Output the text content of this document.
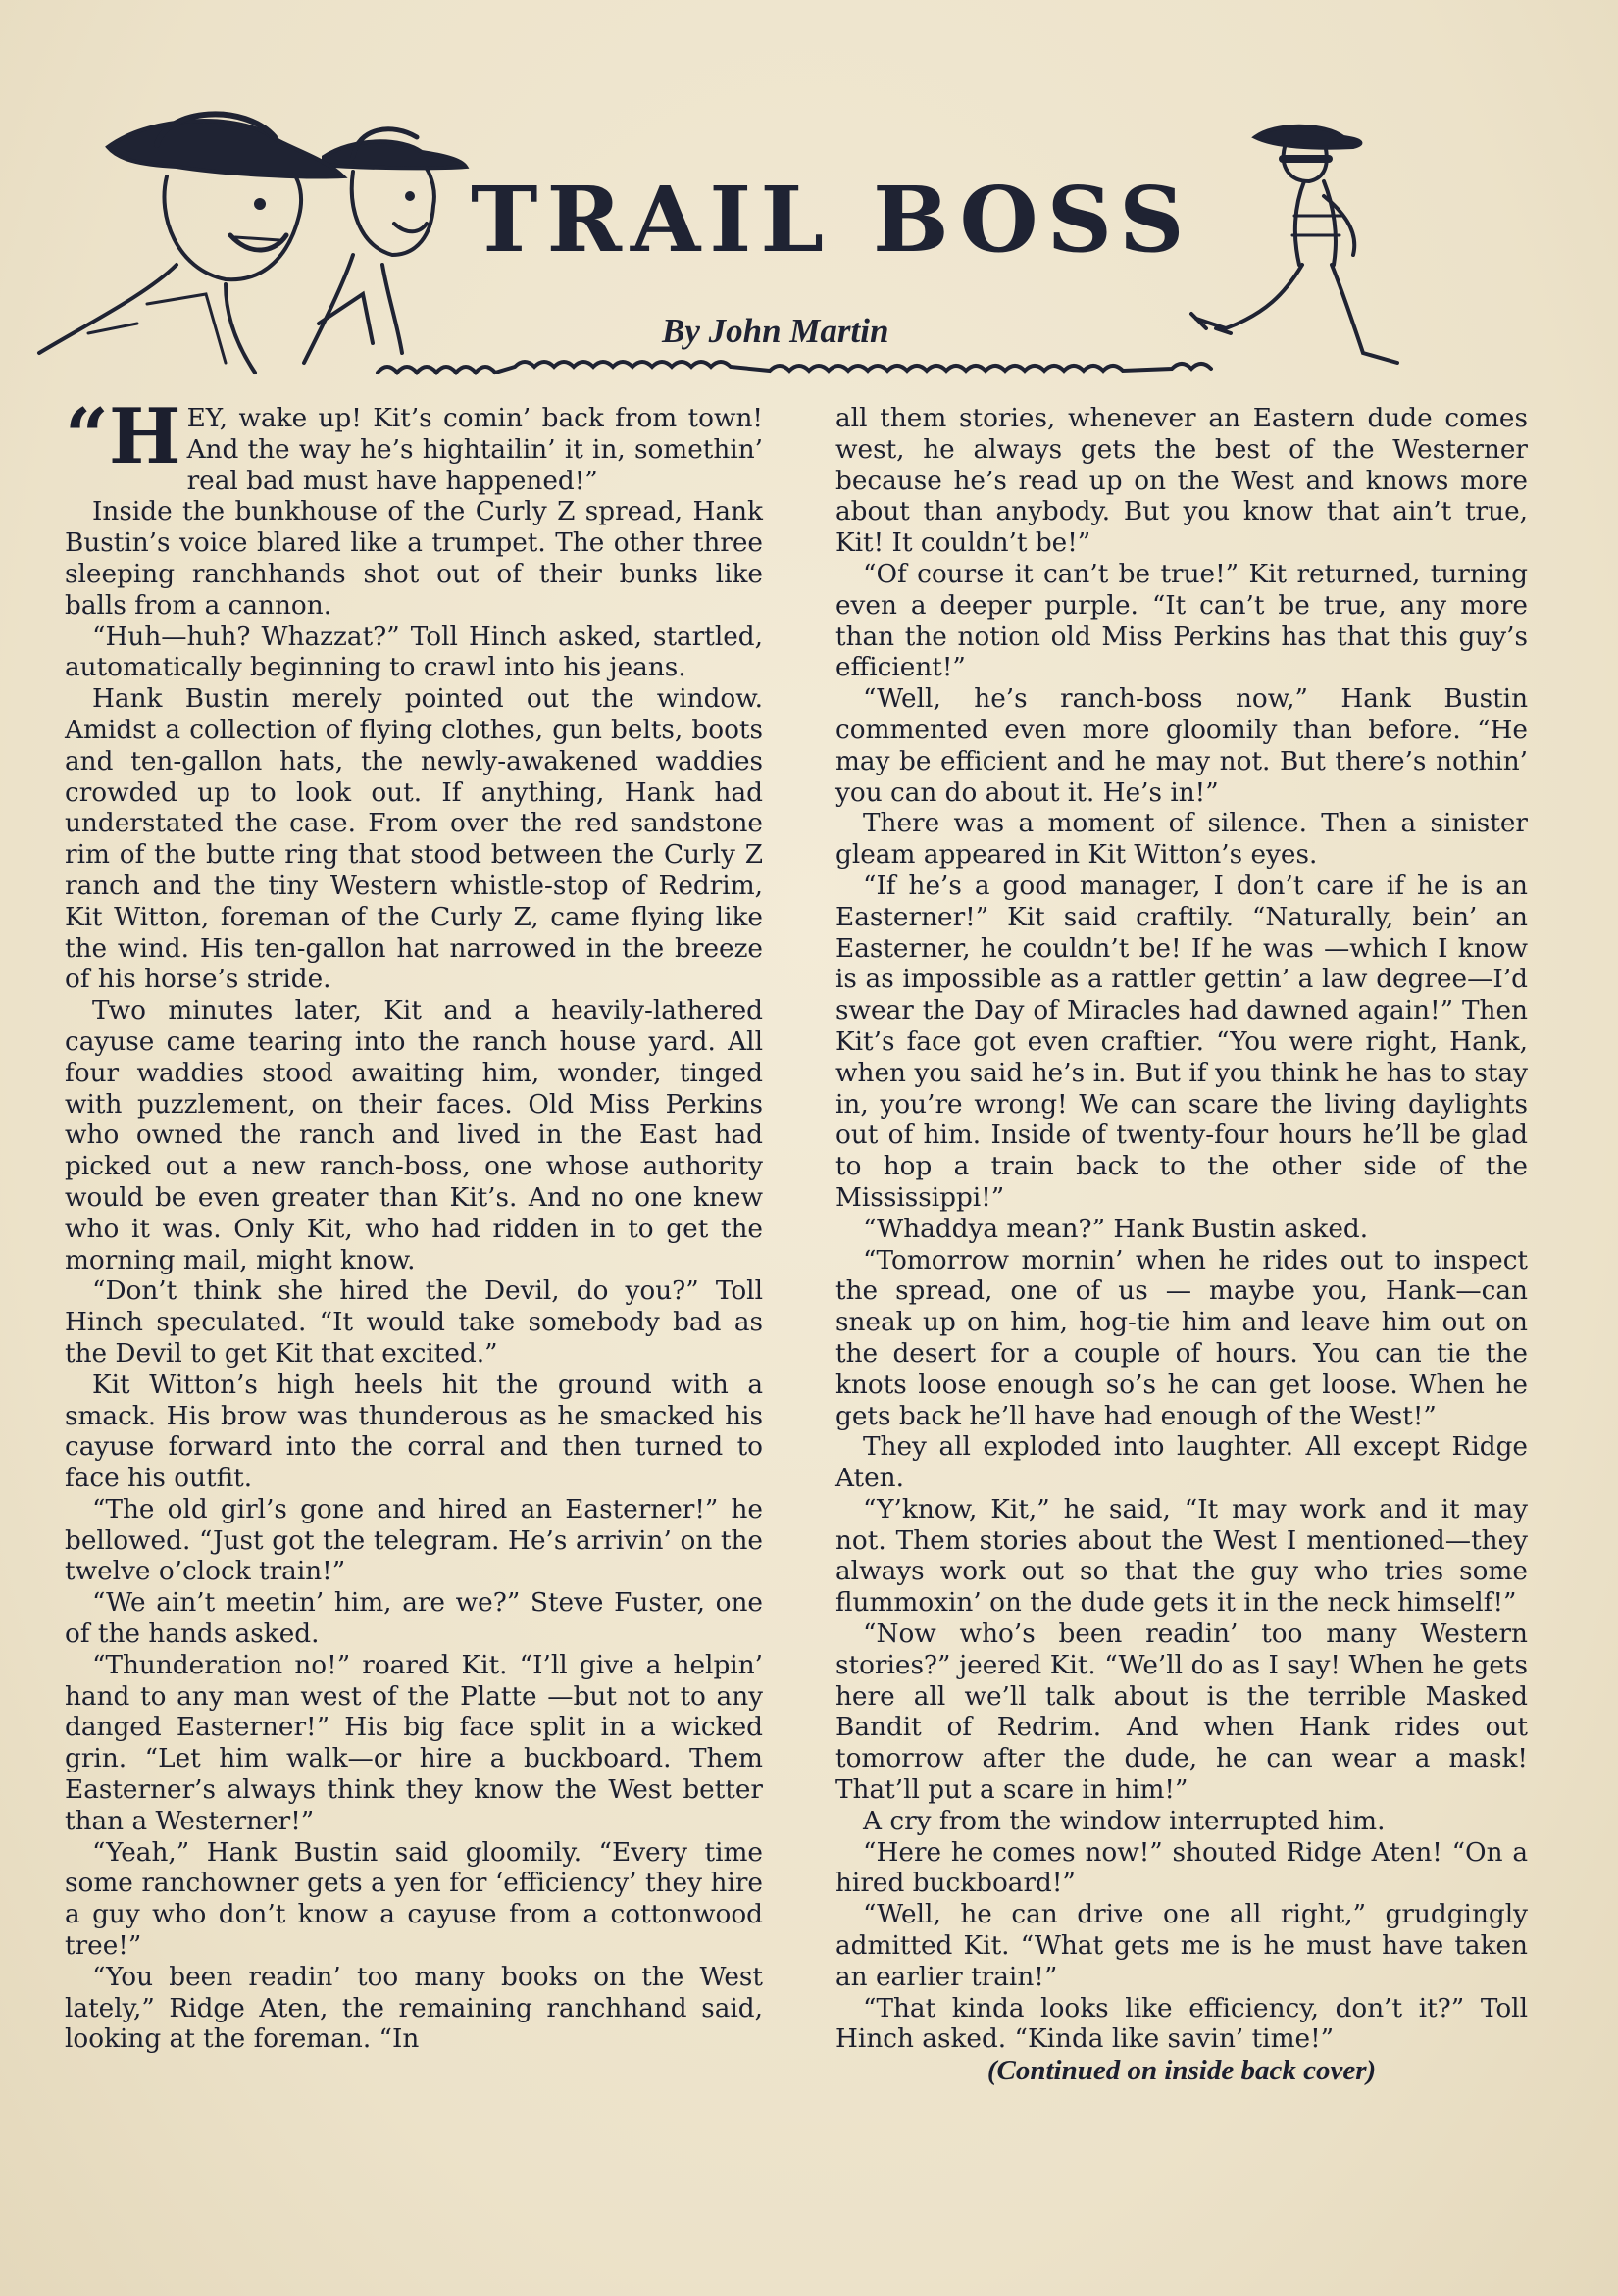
TRAIL BOSS
By John Martin

“HEY, wake up! Kit’s comin’ back from town! And the way he’s hightailin’ it in, somethin’ real bad must have happened!”

Inside the bunkhouse of the Curly Z spread, Hank Bustin’s voice blared like a trumpet. The other three sleeping ranchhands shot out of their bunks like balls from a cannon.

“Huh—huh? Whazzat?” Toll Hinch asked, startled, automatically beginning to crawl into his jeans.

Hank Bustin merely pointed out the window. Amidst a collection of flying clothes, gun belts, boots and ten-gallon hats, the newly-awakened waddies crowded up to look out. If anything, Hank had understated the case. From over the red sandstone rim of the butte ring that stood between the Curly Z ranch and the tiny Western whistle-stop of Redrim, Kit Witton, foreman of the Curly Z, came flying like the wind. His ten-gallon hat narrowed in the breeze of his horse’s stride.

Two minutes later, Kit and a heavily-lathered cayuse came tearing into the ranch house yard. All four waddies stood awaiting him, wonder, tinged with puzzlement, on their faces. Old Miss Perkins who owned the ranch and lived in the East had picked out a new ranch-boss, one whose authority would be even greater than Kit’s. And no one knew who it was. Only Kit, who had ridden in to get the morning mail, might know.

“Don’t think she hired the Devil, do you?” Toll Hinch speculated. “It would take somebody bad as the Devil to get Kit that excited.”

Kit Witton’s high heels hit the ground with a smack. His brow was thunderous as he smacked his cayuse forward into the corral and then turned to face his outfit.

“The old girl’s gone and hired an Easterner!” he bellowed. “Just got the telegram. He’s arrivin’ on the twelve o’clock train!”

“We ain’t meetin’ him, are we?” Steve Fuster, one of the hands asked.

“Thunderation no!” roared Kit. “I’ll give a helpin’ hand to any man west of the Platte —but not to any danged Easterner!” His big face split in a wicked grin. “Let him walk—or hire a buckboard. Them Easterner’s always think they know the West better than a Westerner!”

“Yeah,” Hank Bustin said gloomily. “Every time some ranchowner gets a yen for ‘efficiency’ they hire a guy who don’t know a cayuse from a cottonwood tree!”

“You been readin’ too many books on the West lately,” Ridge Aten, the remaining ranchhand said, looking at the foreman. “In

all them stories, whenever an Eastern dude comes west, he always gets the best of the Westerner because he’s read up on the West and knows more about than anybody. But you know that ain’t true, Kit! It couldn’t be!”

“Of course it can’t be true!” Kit returned, turning even a deeper purple. “It can’t be true, any more than the notion old Miss Perkins has that this guy’s efficient!”

“Well, he’s ranch-boss now,” Hank Bustin commented even more gloomily than before. “He may be efficient and he may not. But there’s nothin’ you can do about it. He’s in!”

There was a moment of silence. Then a sinister gleam appeared in Kit Witton’s eyes.

“If he’s a good manager, I don’t care if he is an Easterner!” Kit said craftily. “Naturally, bein’ an Easterner, he couldn’t be! If he was —which I know is as impossible as a rattler gettin’ a law degree—I’d swear the Day of Miracles had dawned again!” Then Kit’s face got even craftier. “You were right, Hank, when you said he’s in. But if you think he has to stay in, you’re wrong! We can scare the living daylights out of him. Inside of twenty-four hours he’ll be glad to hop a train back to the other side of the Mississippi!”

“Whaddya mean?” Hank Bustin asked.

“Tomorrow mornin’ when he rides out to inspect the spread, one of us — maybe you, Hank—can sneak up on him, hog-tie him and leave him out on the desert for a couple of hours. You can tie the knots loose enough so’s he can get loose. When he gets back he’ll have had enough of the West!”

They all exploded into laughter. All except Ridge Aten.

“Y’know, Kit,” he said, “It may work and it may not. Them stories about the West I mentioned—they always work out so that the guy who tries some flummoxin’ on the dude gets it in the neck himself!”

“Now who’s been readin’ too many Western stories?” jeered Kit. “We’ll do as I say! When he gets here all we’ll talk about is the terrible Masked Bandit of Redrim. And when Hank rides out tomorrow after the dude, he can wear a mask! That’ll put a scare in him!”

A cry from the window interrupted him.

“Here he comes now!” shouted Ridge Aten! “On a hired buckboard!”

“Well, he can drive one all right,” grudgingly admitted Kit. “What gets me is he must have taken an earlier train!”

“That kinda looks like efficiency, don’t it?” Toll Hinch asked. “Kinda like savin’ time!”

(Continued on inside back cover)
